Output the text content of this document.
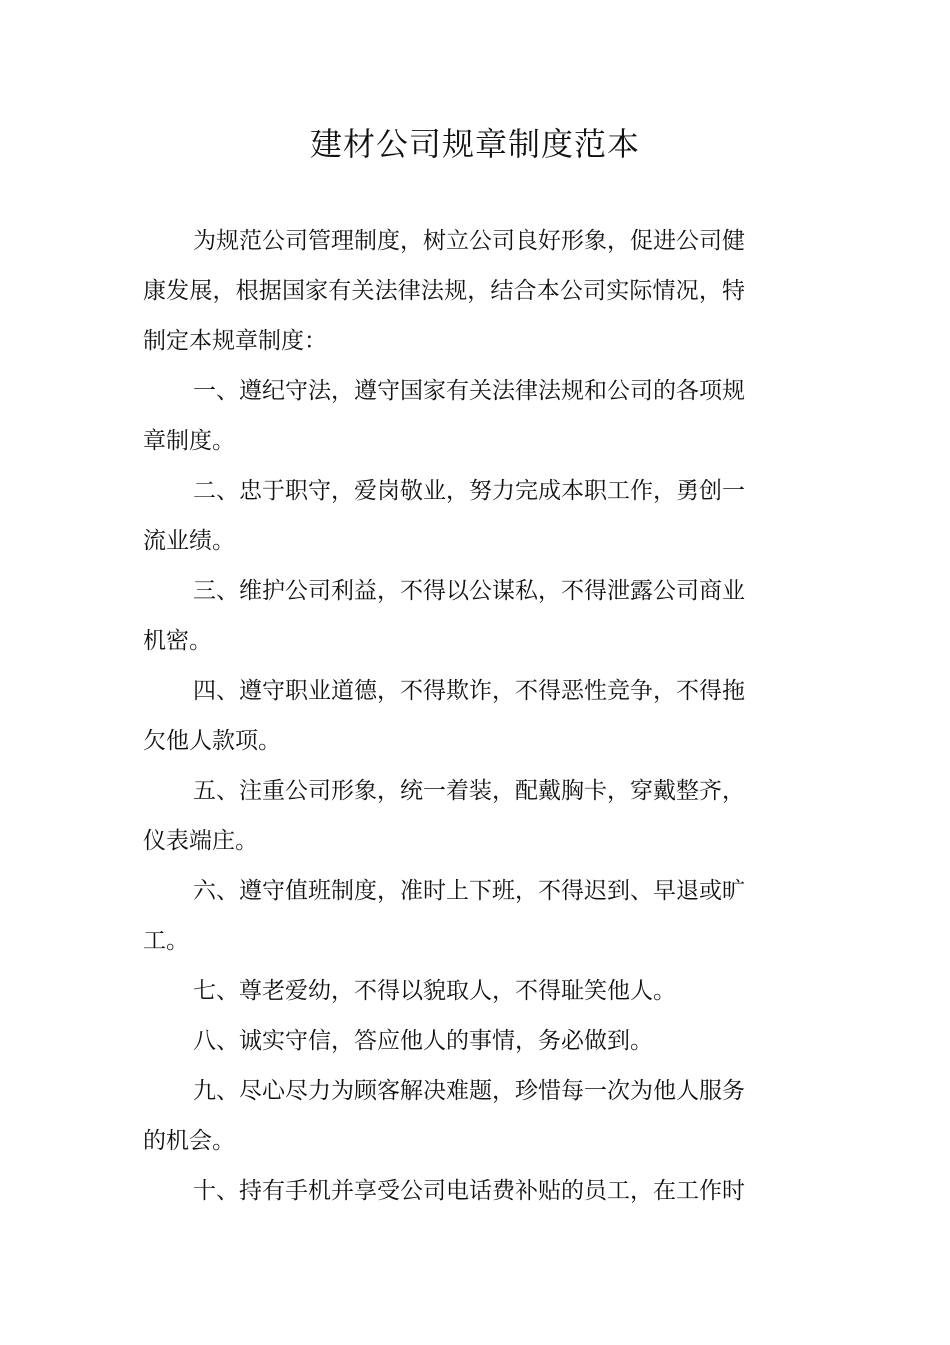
建材公司规章制度范本

为规范公司管理制度，树立公司良好形象，促进公司健康发展，根据国家有关法律法规，结合本公司实际情况，特制定本规章制度：

一、遵纪守法，遵守国家有关法律法规和公司的各项规章制度。

二、忠于职守，爱岗敬业，努力完成本职工作，勇创一流业绩。

三、维护公司利益，不得以公谋私，不得泄露公司商业机密。

四、遵守职业道德，不得欺诈，不得恶性竞争，不得拖欠他人款项。

五、注重公司形象，统一着装，配戴胸卡，穿戴整齐，仪表端庄。

六、遵守值班制度，准时上下班，不得迟到、早退或旷工。

七、尊老爱幼，不得以貌取人，不得耻笑他人。

八、诚实守信，答应他人的事情，务必做到。

九、尽心尽力为顾客解决难题，珍惜每一次为他人服务的机会。

十、持有手机并享受公司电话费补贴的员工，在工作时
